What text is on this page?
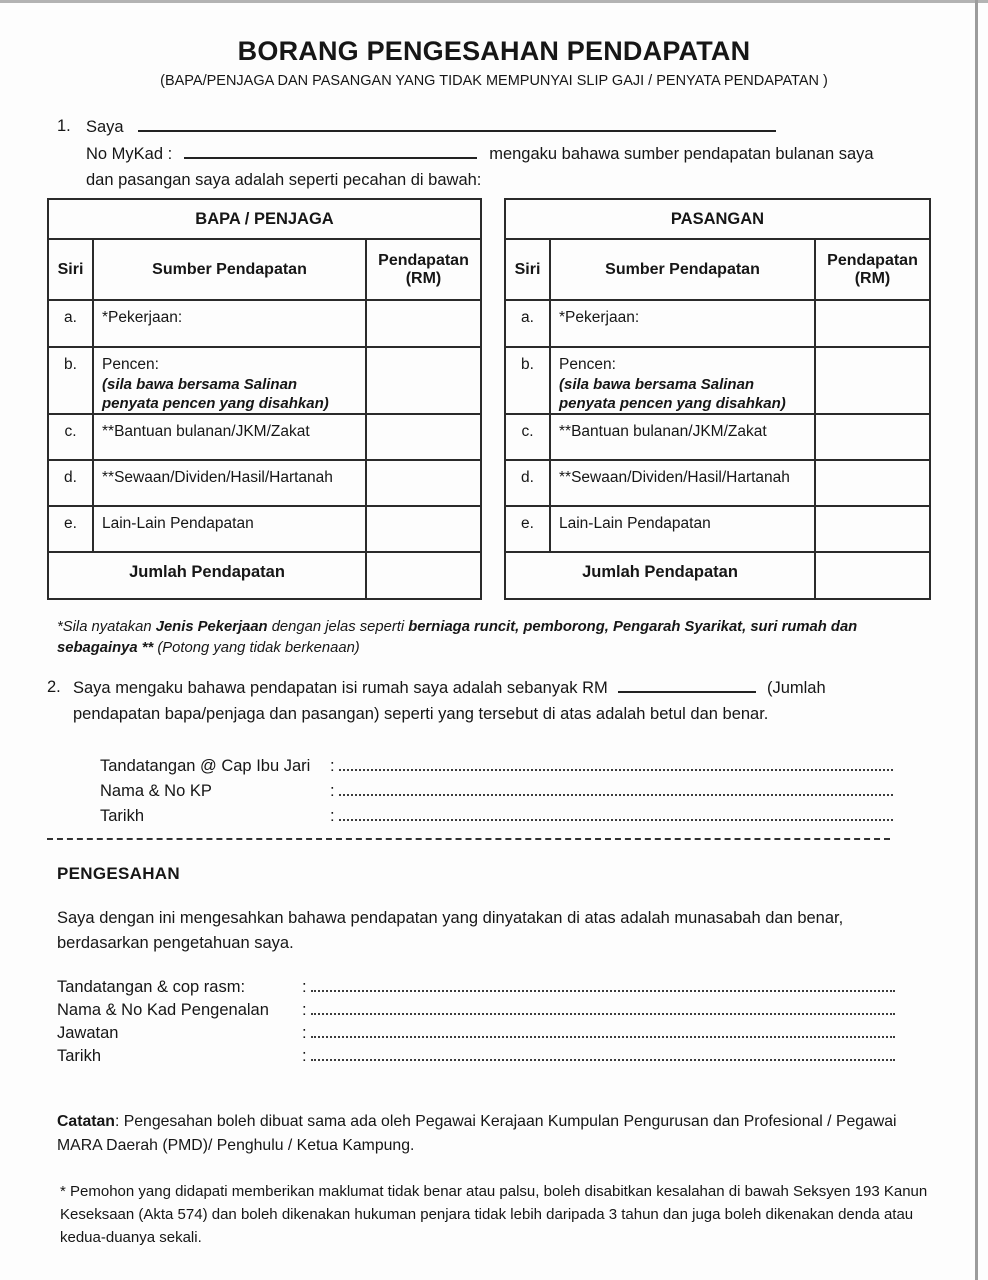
BORANG PENGESAHAN PENDAPATAN
(BAPA/PENJAGA DAN PASANGAN YANG TIDAK MEMPUNYAI SLIP GAJI / PENYATA PENDAPATAN )
1. Saya
No MyKad :	mengaku bahawa sumber pendapatan bulanan saya
dan pasangan saya adalah seperti pecahan di bawah:
BAPA / PENJAGA		
Siri	Sumber Pendapatan	Pendapatan (RM)
a.	*Pekerjaan:	

b.	Pencen:
(sila bawa bersama Salinan penyata pencen yang disahkan)	

c.	**Bantuan bulanan/JKM/Zakat	

d.	**Sewaan/Dividen/Hasil/Hartanah	

e.	Lain-Lain Pendapatan	

Jumlah Pendapatan		
PASANGAN		
Siri	Sumber Pendapatan	Pendapatan (RM)
a.	*Pekerjaan:	

b.	Pencen:
(sila bawa bersama Salinan penyata pencen yang disahkan)	

c.	**Bantuan bulanan/JKM/Zakat	

d.	**Sewaan/Dividen/Hasil/Hartanah	

e.	Lain-Lain Pendapatan	

Jumlah Pendapatan		
*Sila nyatakan Jenis Pekerjaan dengan jelas seperti berniaga runcit, pemborong, Pengarah Syarikat, suri rumah dan sebagainya ** (Potong yang tidak berkenaan)
2. Saya mengaku bahawa pendapatan isi rumah saya adalah sebanyak RM	(Jumlah pendapatan bapa/penjaga dan pasangan) seperti yang tersebut di atas adalah betul dan benar.
Tandatangan @ Cap Ibu Jari	:
Nama & No KP	:
Tarikh	:
PENGESAHAN
Saya dengan ini mengesahkan bahawa pendapatan yang dinyatakan di atas adalah munasabah dan benar, berdasarkan pengetahuan saya.
Tandatangan & cop rasm:	:
Nama & No Kad Pengenalan	:
Jawatan	:
Tarikh	:
Catatan: Pengesahan boleh dibuat sama ada oleh Pegawai Kerajaan Kumpulan Pengurusan dan Profesional / Pegawai MARA Daerah (PMD)/ Penghulu / Ketua Kampung.
* Pemohon yang didapati memberikan maklumat tidak benar atau palsu, boleh disabitkan kesalahan di bawah Seksyen 193 Kanun Keseksaan (Akta 574) dan boleh dikenakan hukuman penjara tidak lebih daripada 3 tahun dan juga boleh dikenakan denda atau kedua-duanya sekali.
